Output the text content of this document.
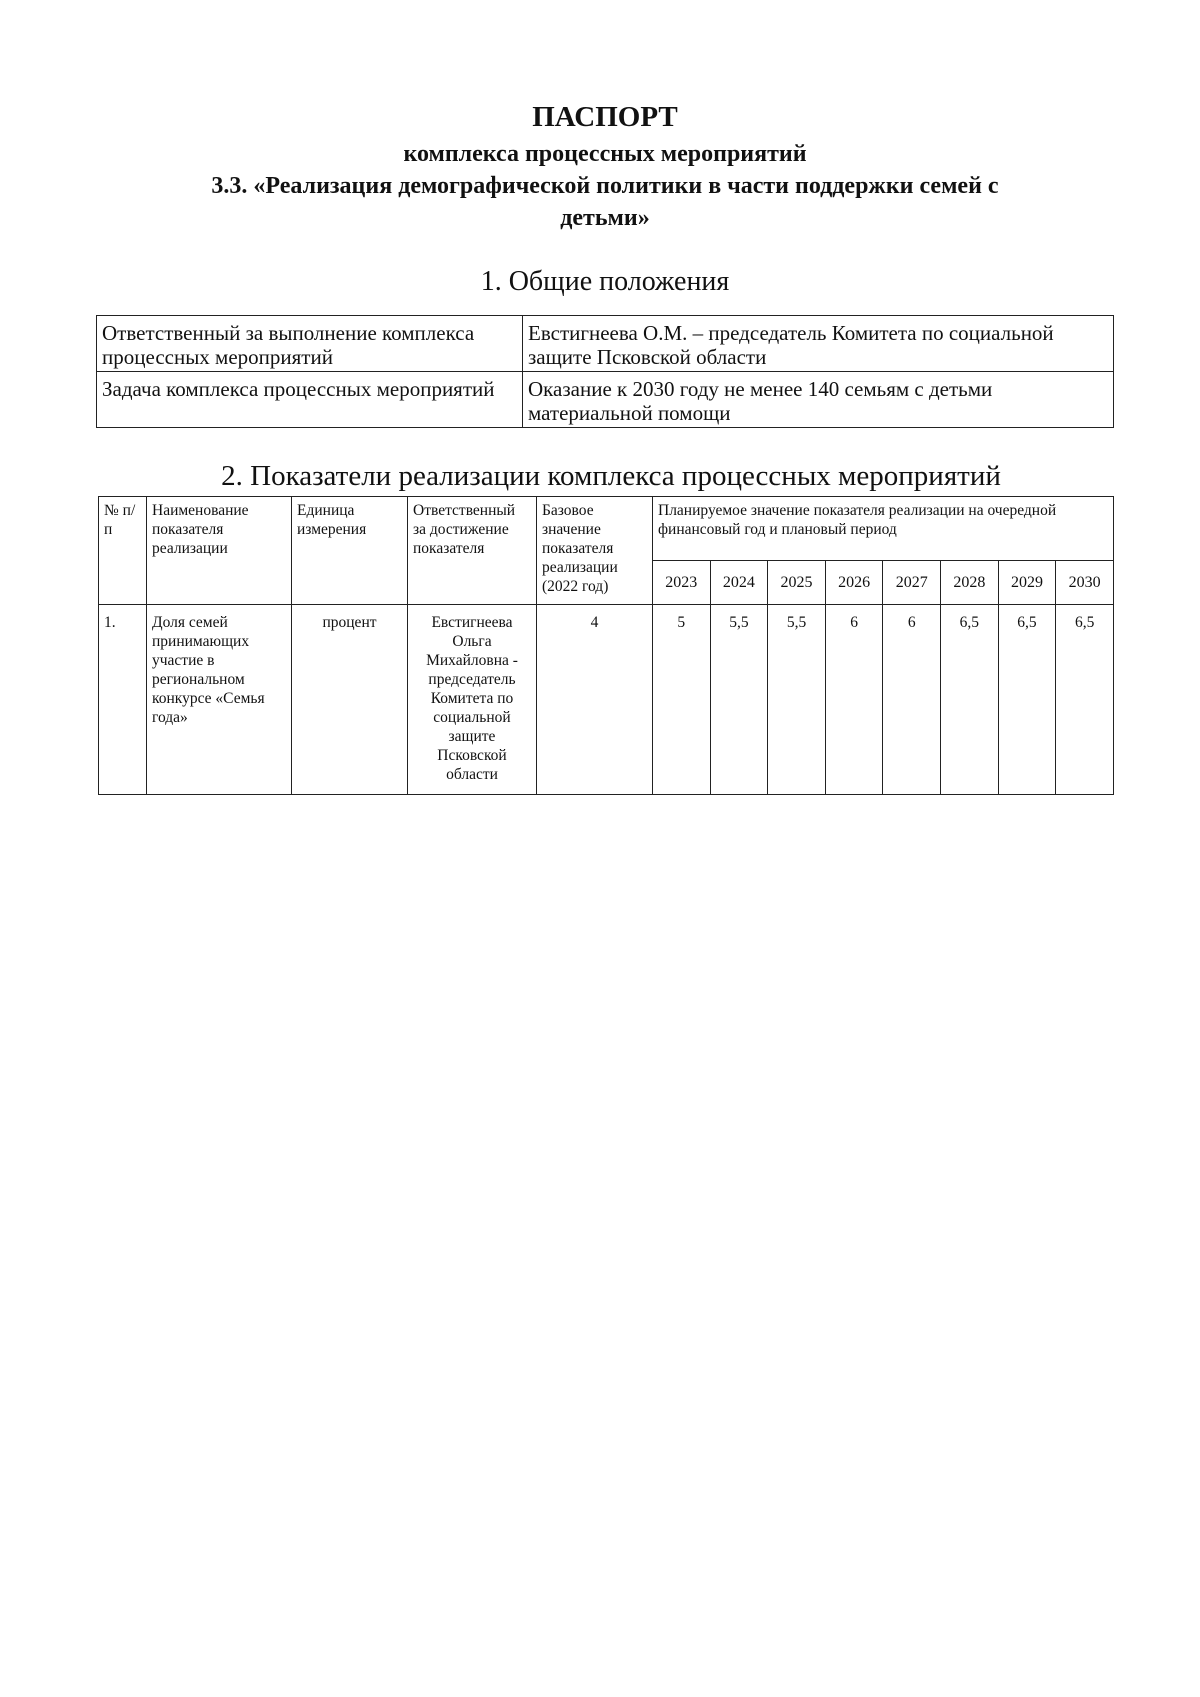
ПАСПОРТ
комплекса процессных мероприятий
3.3. «Реализация демографической политики в части поддержки семей с
детьми»
1. Общие положения
Ответственный за выполнение комплекса процессных мероприятий	Евстигнеева О.М. – председатель Комитета по социальной защите Псковской области
Задача комплекса процессных мероприятий	Оказание к 2030 году не менее 140 семьям с детьми материальной помощи
2. Показатели реализации комплекса процессных мероприятий
№ п/п	Наименование показателя реализации	Единица измерения	Ответственный за достижение показателя	Базовое значение показателя реализации (2022 год)	Планируемое значение показателя реализации на очередной финансовый год и плановый период							
					2023	2024	2025	2026	2027	2028	2029	2030
1.	Доля семей принимающих участие в региональном конкурсе «Семья года»	процент	Евстигнеева Ольга Михайловна - председатель Комитета по социальной защите Псковской области	4	5	5,5	5,5	6	6	6,5	6,5	6,5
